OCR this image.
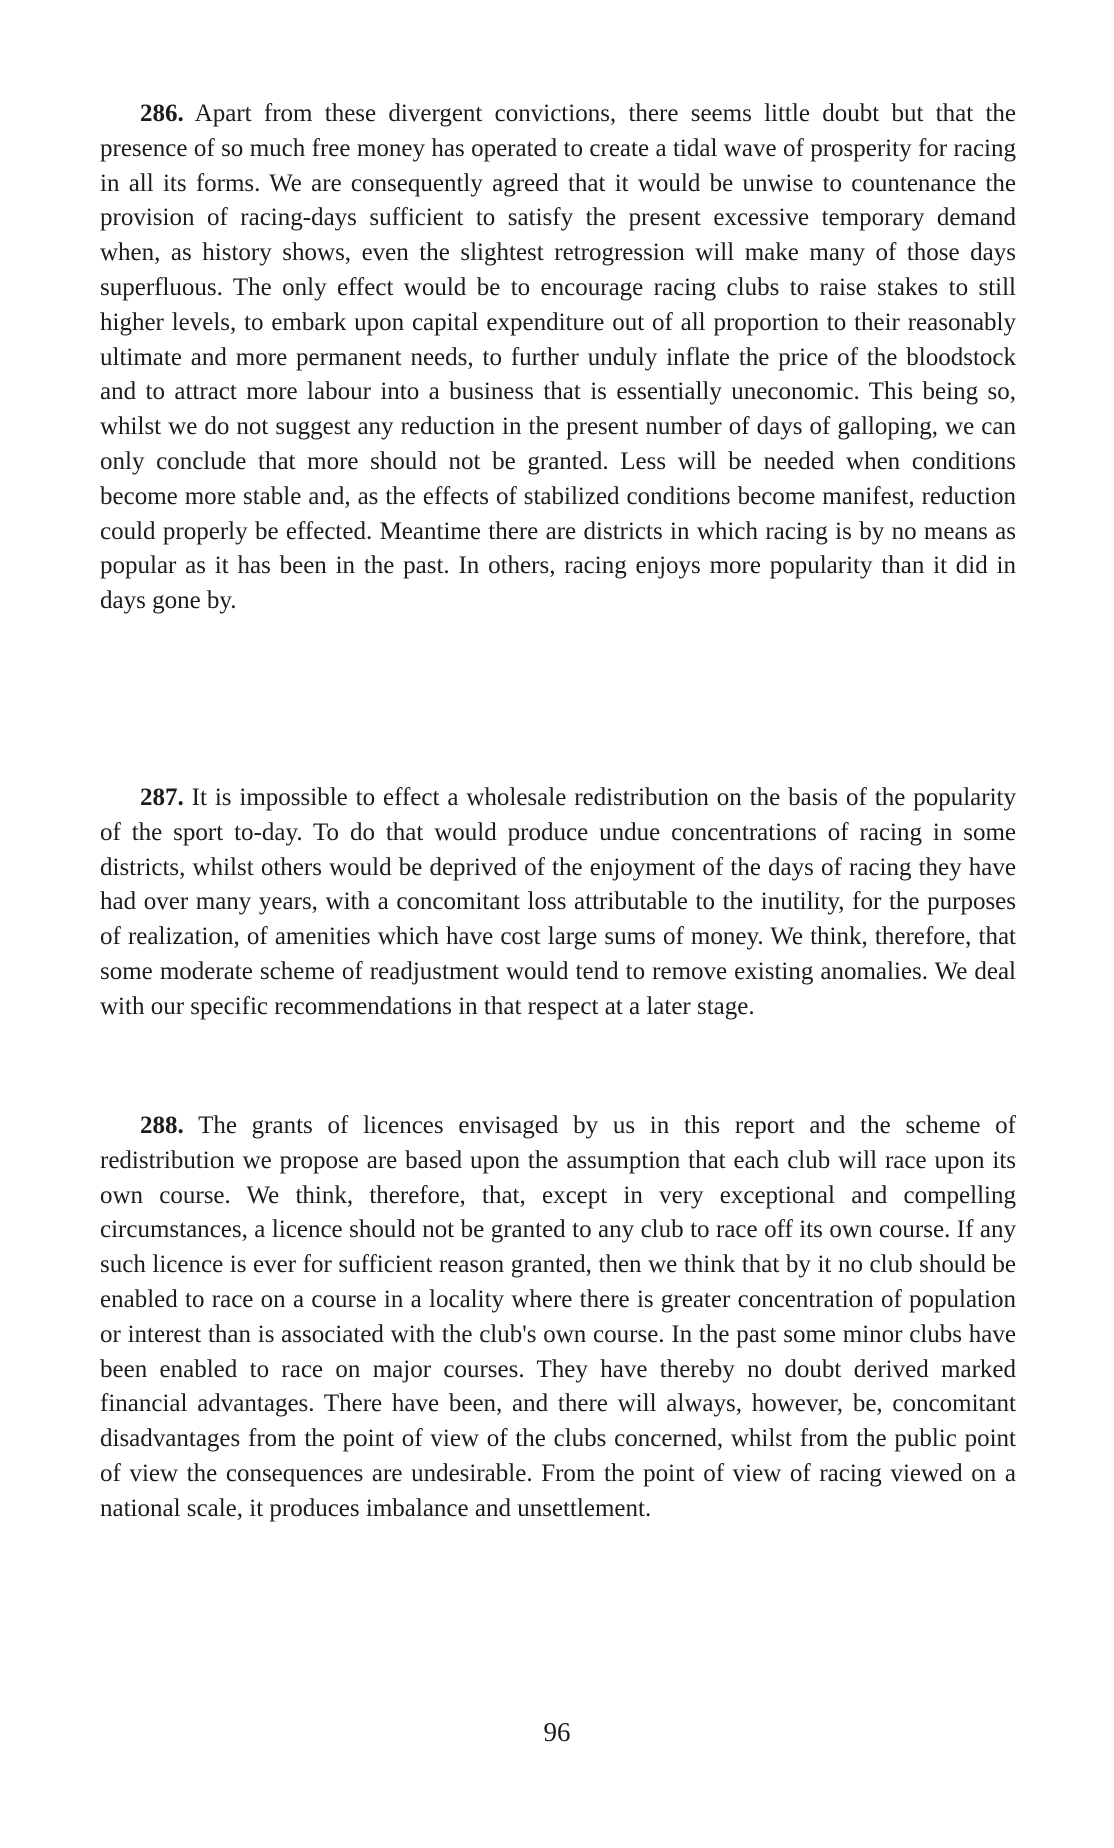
286. Apart from these divergent convictions, there seems little doubt but that the presence of so much free money has operated to create a tidal wave of prosperity for racing in all its forms. We are consequently agreed that it would be unwise to countenance the provision of racing-days sufficient to satisfy the present excessive temporary demand when, as history shows, even the slightest retrogression will make many of those days superfluous. The only effect would be to encourage racing clubs to raise stakes to still higher levels, to embark upon capital expenditure out of all proportion to their reasonably ultimate and more permanent needs, to further unduly inflate the price of the bloodstock and to attract more labour into a business that is essentially uneconomic. This being so, whilst we do not suggest any reduction in the present number of days of galloping, we can only conclude that more should not be granted. Less will be needed when conditions become more stable and, as the effects of stabilized conditions become manifest, reduction could properly be effected. Meantime there are districts in which racing is by no means as popular as it has been in the past. In others, racing enjoys more popularity than it did in days gone by.

287. It is impossible to effect a wholesale redistribution on the basis of the popularity of the sport to-day. To do that would produce undue concentrations of racing in some districts, whilst others would be deprived of the enjoyment of the days of racing they have had over many years, with a concomitant loss attributable to the inutility, for the purposes of realization, of amenities which have cost large sums of money. We think, therefore, that some moderate scheme of readjustment would tend to remove existing anomalies. We deal with our specific recommendations in that respect at a later stage.

288. The grants of licences envisaged by us in this report and the scheme of redistribution we propose are based upon the assumption that each club will race upon its own course. We think, therefore, that, except in very exceptional and compelling circumstances, a licence should not be granted to any club to race off its own course. If any such licence is ever for sufficient reason granted, then we think that by it no club should be enabled to race on a course in a locality where there is greater concentration of population or interest than is associated with the club's own course. In the past some minor clubs have been enabled to race on major courses. They have thereby no doubt derived marked financial advantages. There have been, and there will always, however, be, concomitant disadvantages from the point of view of the clubs concerned, whilst from the public point of view the consequences are undesirable. From the point of view of racing viewed on a national scale, it produces imbalance and unsettlement.

96
